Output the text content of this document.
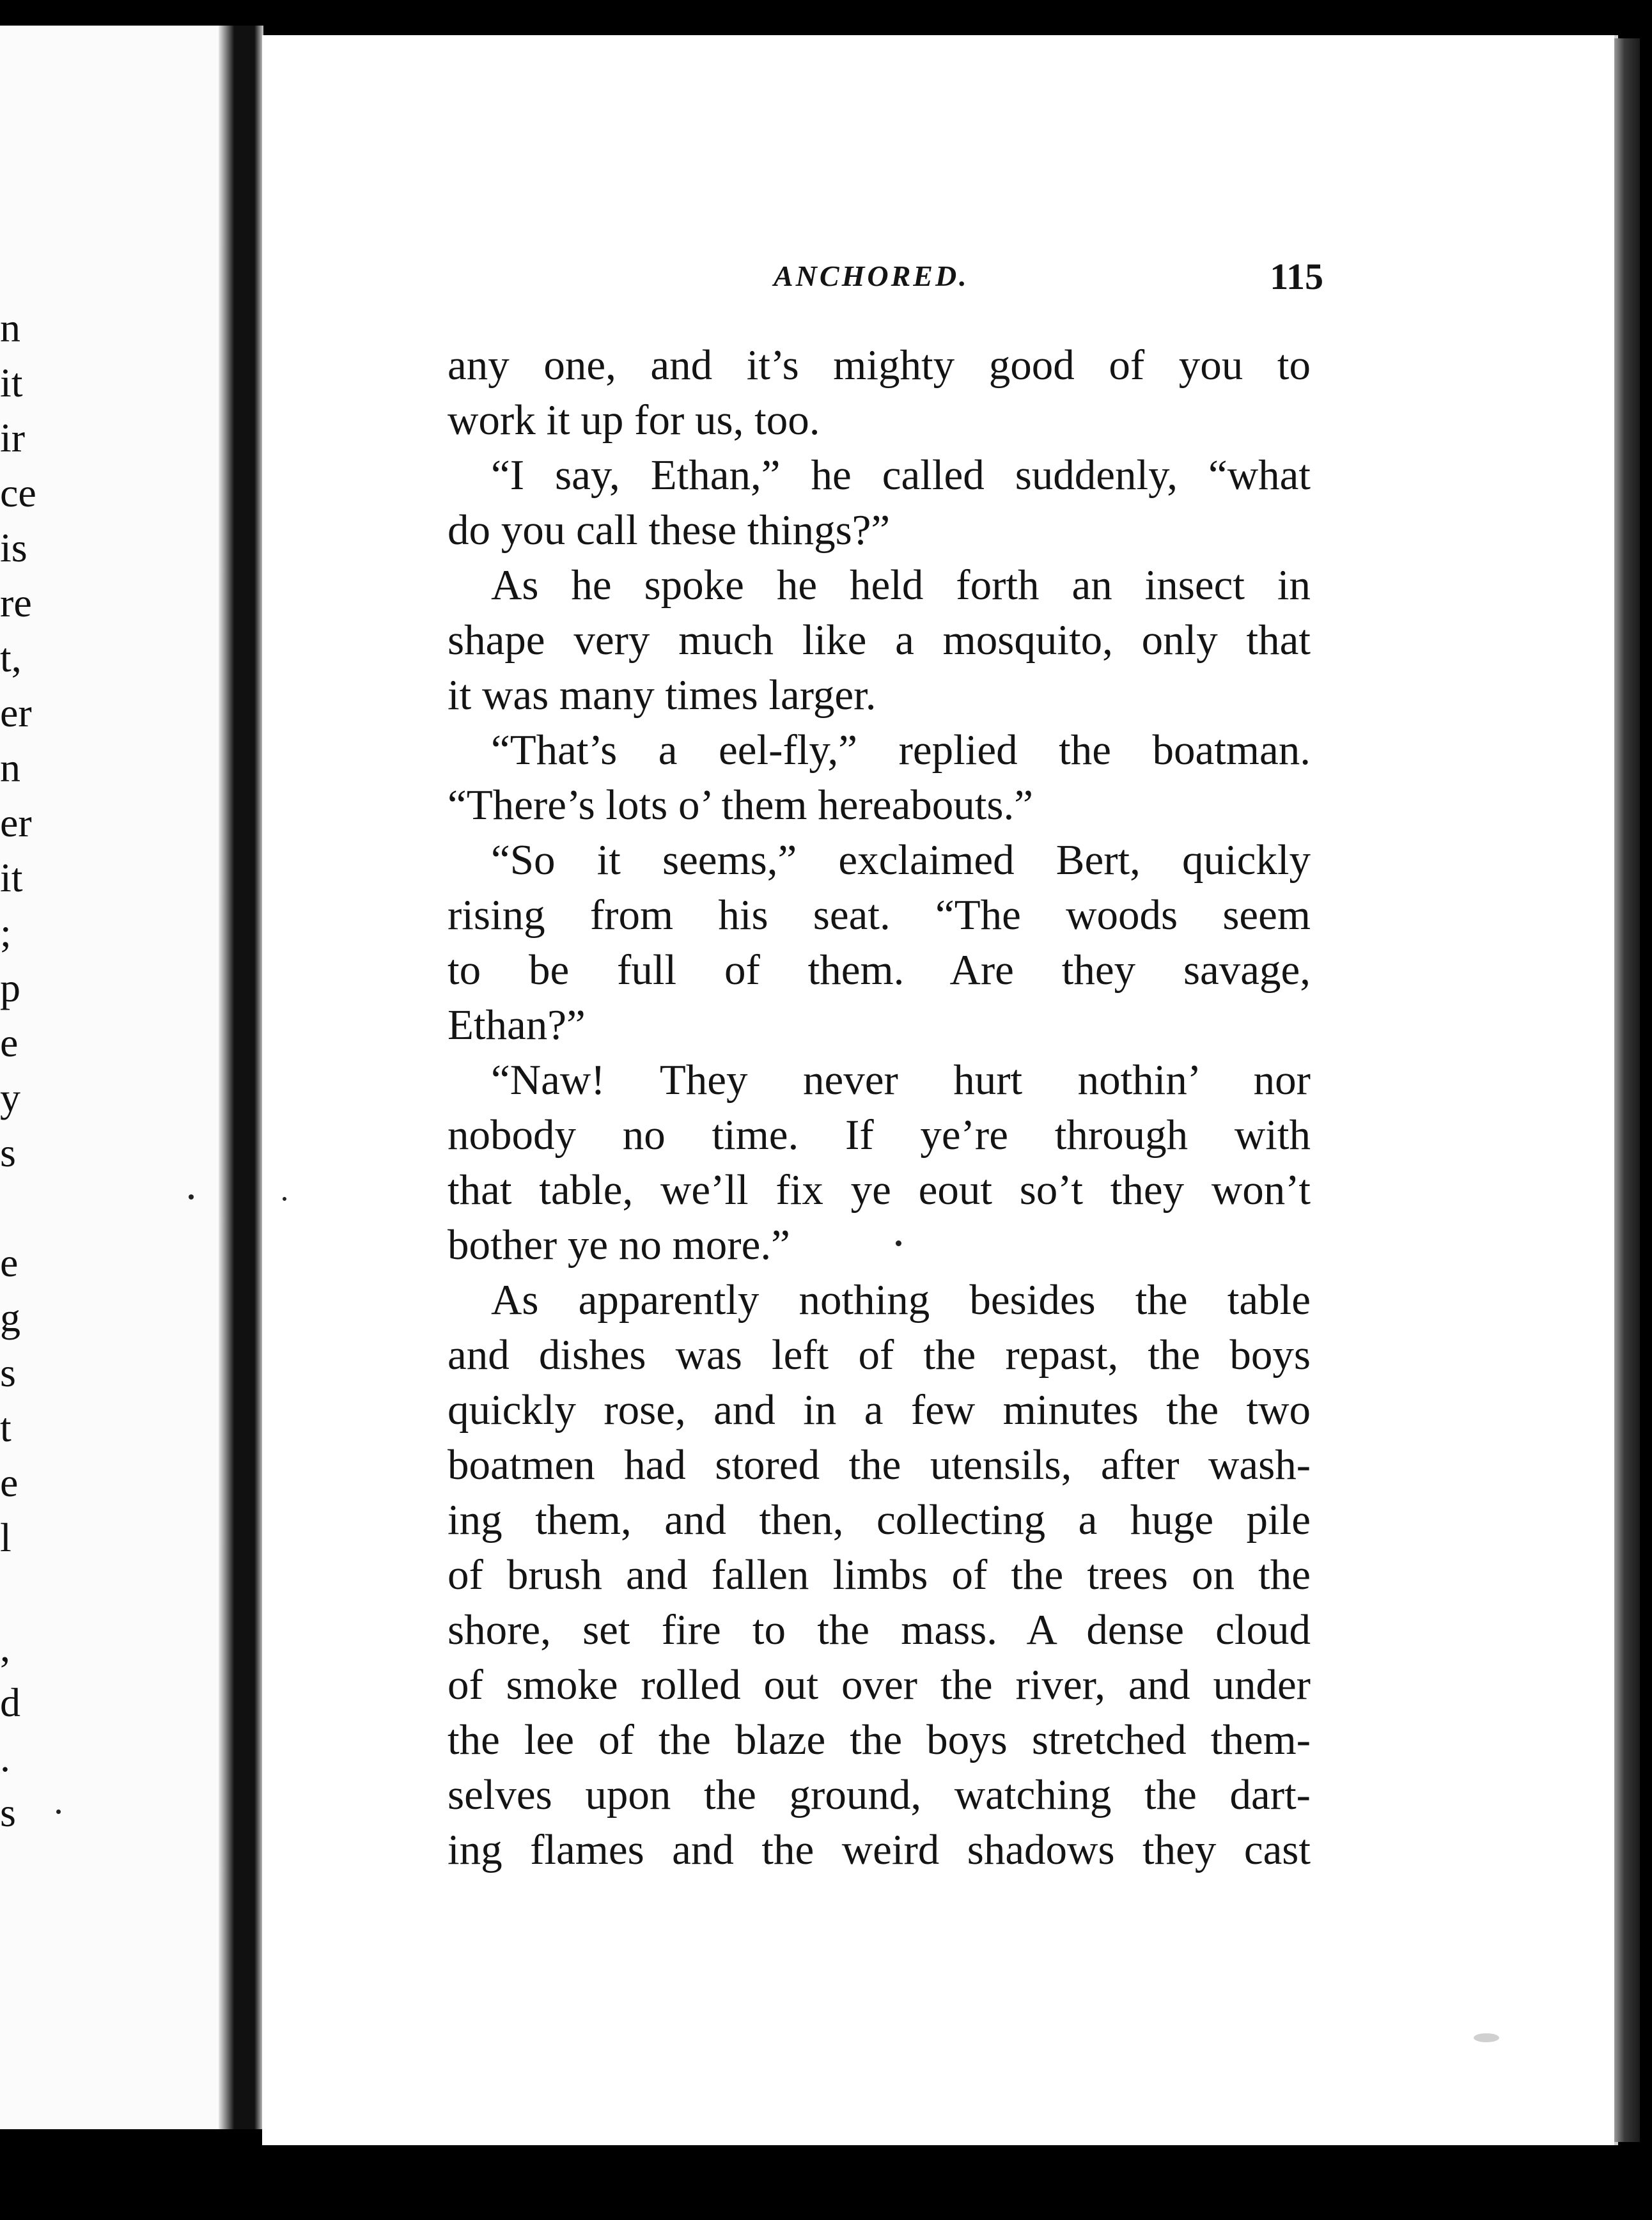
n
it
ir
ce
is
re
t,
er
n
er
it
;
p
e
y
s
e
g
s
t
e
l
,
d
.
s
ANCHORED.	115
any one, and it’s mighty good of you to
work it up for us, too.
“I say, Ethan,” he called suddenly, “what
do you call these things?”
As he spoke he held forth an insect in
shape very much like a mosquito, only that
it was many times larger.
“That’s a eel-fly,” replied the boatman.
“There’s lots o’ them hereabouts.”
“So it seems,” exclaimed Bert, quickly
rising from his seat. “The woods seem
to be full of them. Are they savage,
Ethan?”
“Naw! They never hurt nothin’ nor
nobody no time. If ye’re through with
that table, we’ll fix ye eout so’t they won’t
bother ye no more.”
As apparently nothing besides the table
and dishes was left of the repast, the boys
quickly rose, and in a few minutes the two
boatmen had stored the utensils, after wash-
ing them, and then, collecting a huge pile
of brush and fallen limbs of the trees on the
shore, set fire to the mass. A dense cloud
of smoke rolled out over the river, and under
the lee of the blaze the boys stretched them-
selves upon the ground, watching the dart-
ing flames and the weird shadows they cast
